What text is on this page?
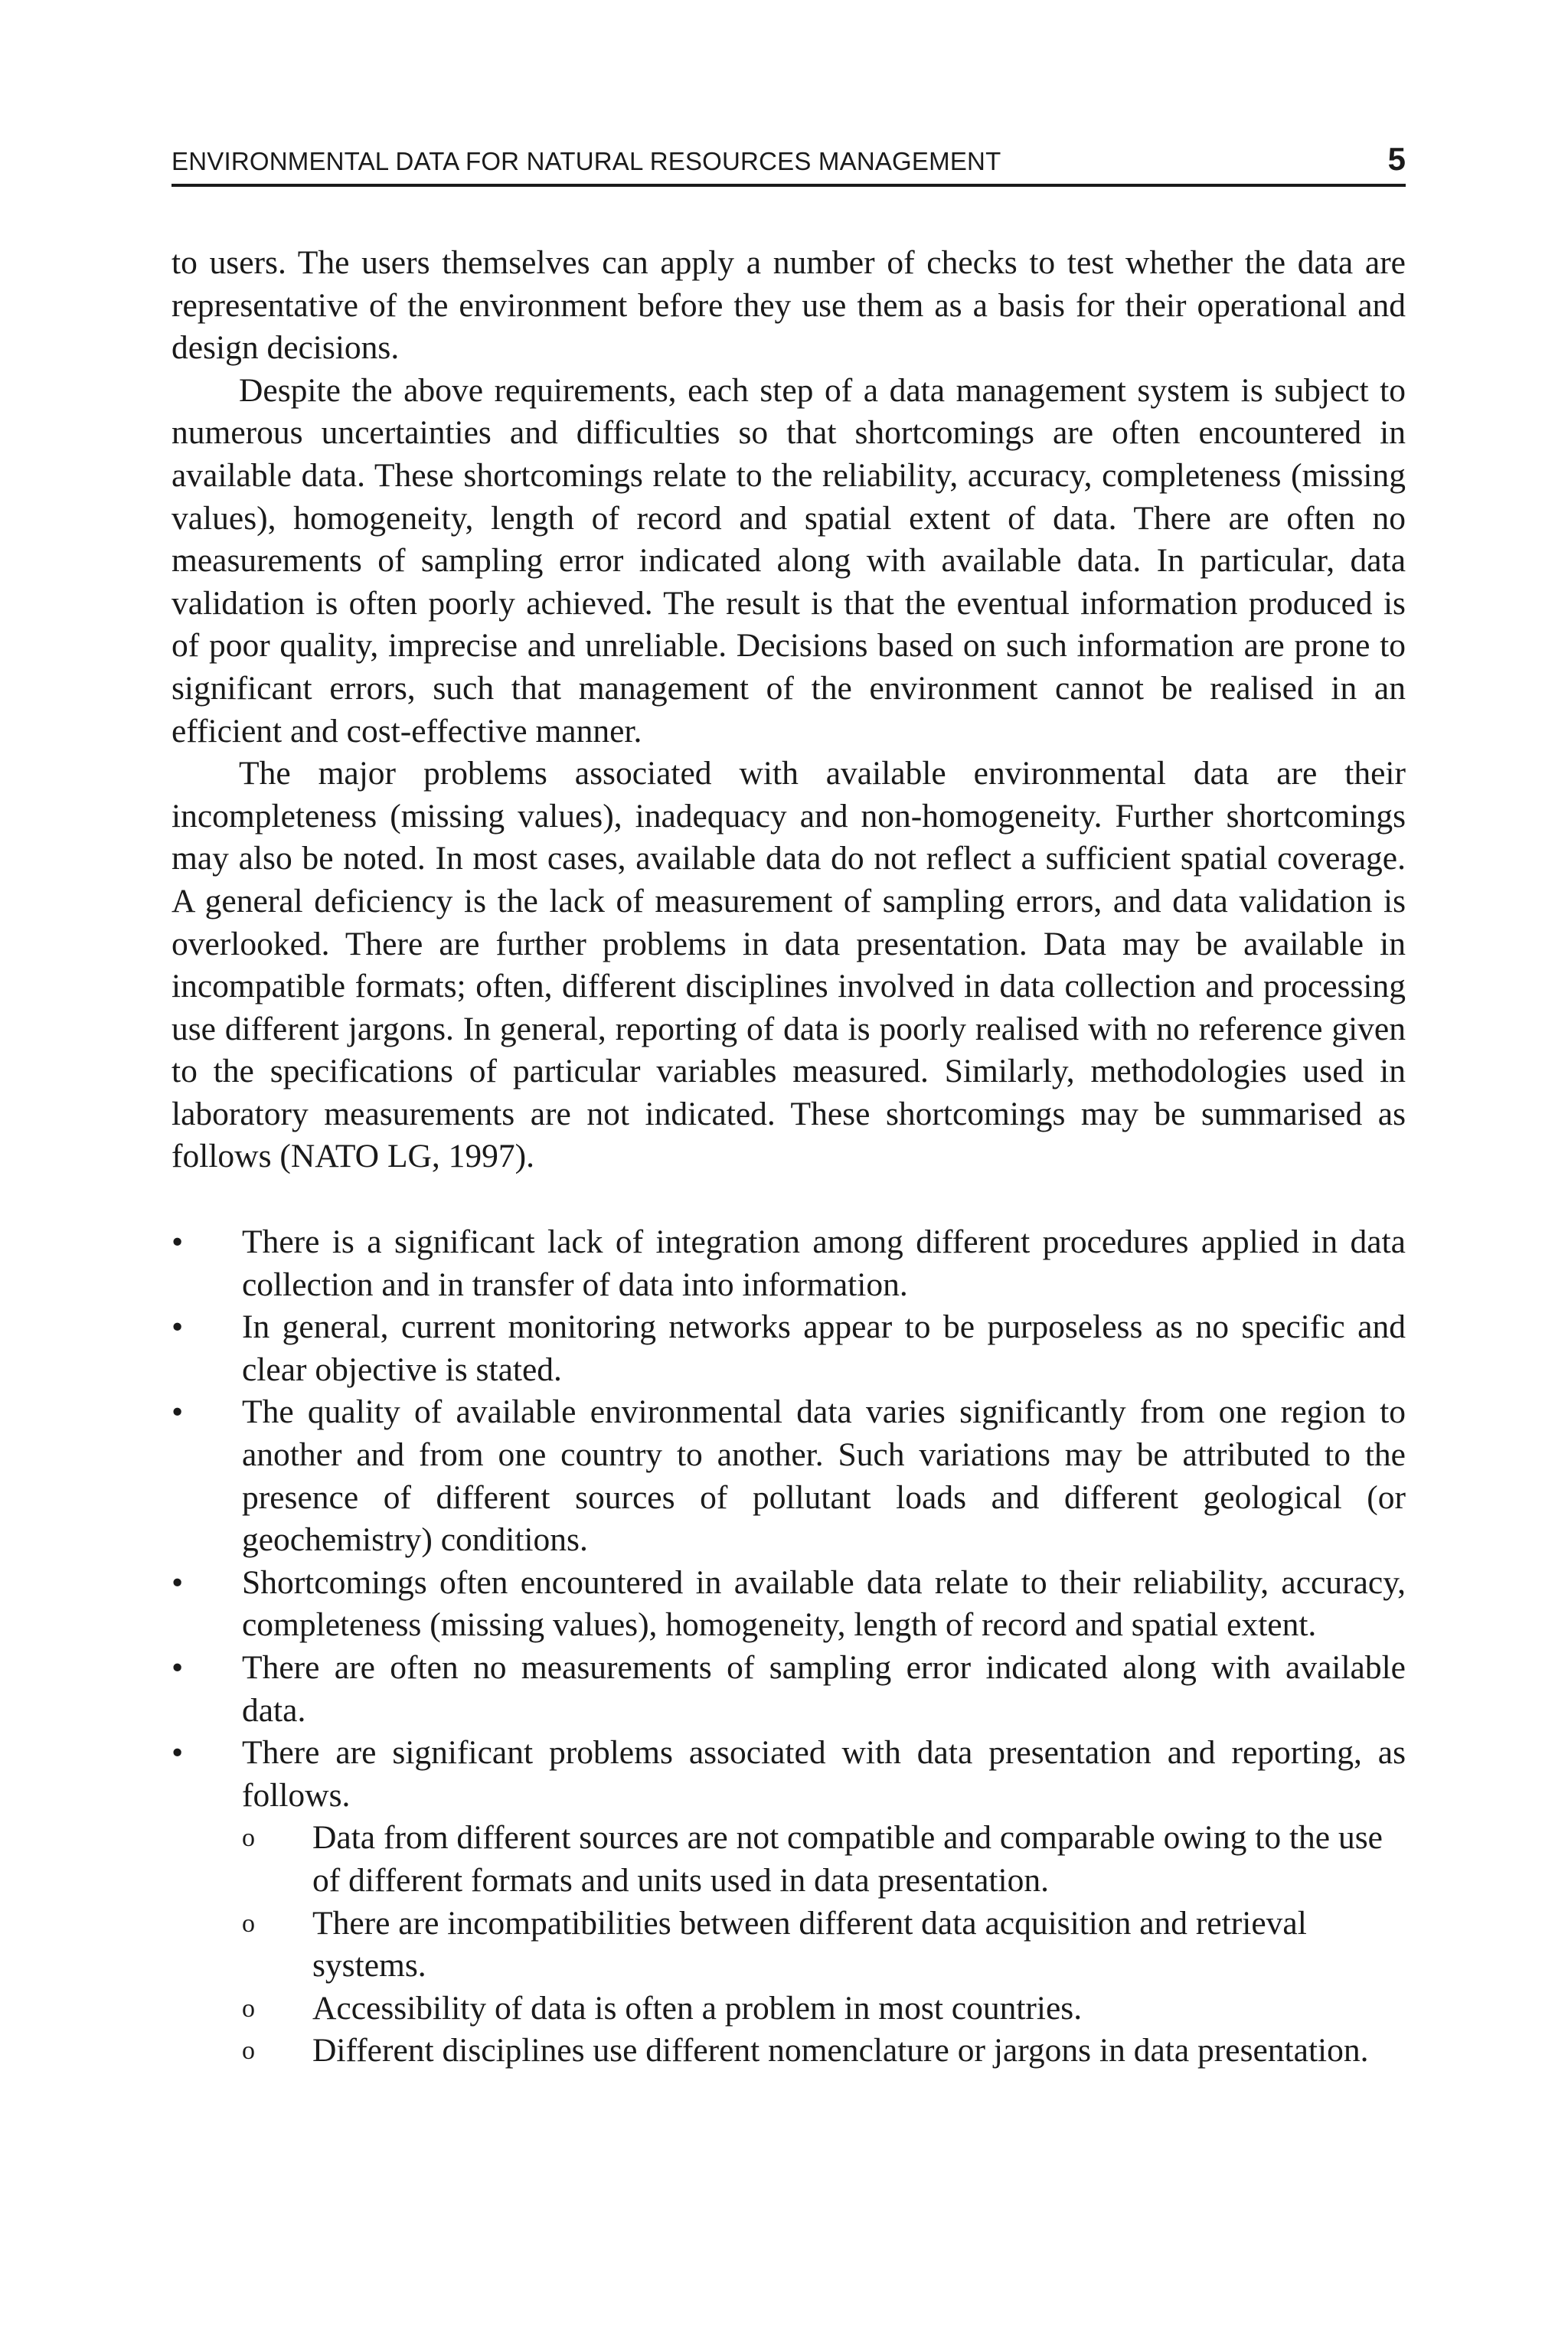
ENVIRONMENTAL DATA FOR NATURAL RESOURCES MANAGEMENT	5

to users. The users themselves can apply a number of checks to test whether the data are representative of the environment before they use them as a basis for their operational and design decisions.

Despite the above requirements, each step of a data management system is subject to numerous uncertainties and difficulties so that shortcomings are often encountered in available data. These shortcomings relate to the reliability, accuracy, completeness (missing values), homogeneity, length of record and spatial extent of data. There are often no measurements of sampling error indicated along with available data. In particular, data validation is often poorly achieved. The result is that the eventual information produced is of poor quality, imprecise and unreliable. Decisions based on such information are prone to significant errors, such that management of the environment cannot be realised in an efficient and cost-effective manner.

The major problems associated with available environmental data are their incompleteness (missing values), inadequacy and non-homogeneity. Further shortcomings may also be noted. In most cases, available data do not reflect a sufficient spatial coverage. A general deficiency is the lack of measurement of sampling errors, and data validation is overlooked. There are further problems in data presentation. Data may be available in incompatible formats; often, different disciplines involved in data collection and processing use different jargons. In general, reporting of data is poorly realised with no reference given to the specifications of particular variables measured. Similarly, methodologies used in laboratory measurements are not indicated. These shortcomings may be summarised as follows (NATO LG, 1997).

•	There is a significant lack of integration among different procedures applied in data collection and in transfer of data into information.
•	In general, current monitoring networks appear to be purposeless as no specific and clear objective is stated.
•	The quality of available environmental data varies significantly from one region to another and from one country to another. Such variations may be attributed to the presence of different sources of pollutant loads and different geological (or geochemistry) conditions.
•	Shortcomings often encountered in available data relate to their reliability, accuracy, completeness (missing values), homogeneity, length of record and spatial extent.
•	There are often no measurements of sampling error indicated along with available data.
•	There are significant problems associated with data presentation and reporting, as follows.
o Data from different sources are not compatible and comparable owing to the use of different formats and units used in data presentation.
o There are incompatibilities between different data acquisition and retrieval systems.
o Accessibility of data is often a problem in most countries.
o Different disciplines use different nomenclature or jargons in data presentation.
